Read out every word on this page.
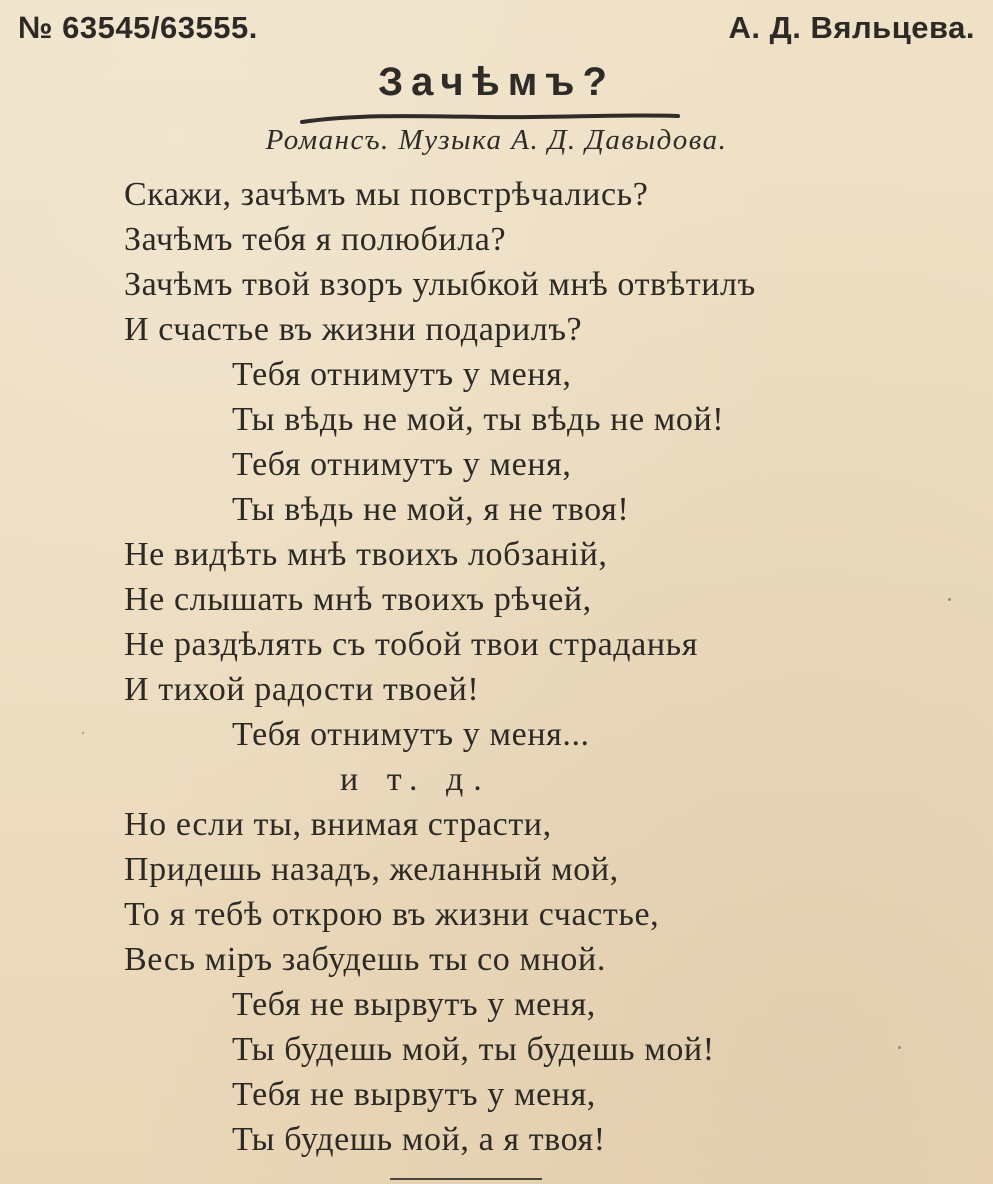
№ 63545/63555.	А. Д. Вяльцева.
Зачѣмъ?
Романсъ. Музыка А. Д. Давыдова.
Скажи, зачѣмъ мы повстрѣчались?
Зачѣмъ тебя я полюбила?
Зачѣмъ твой взоръ улыбкой мнѣ отвѣтилъ
И счастье въ жизни подарилъ?
Тебя отнимутъ у меня,
Ты вѣдь не мой, ты вѣдь не мой!
Тебя отнимутъ у меня,
Ты вѣдь не мой, я не твоя!
Не видѣть мнѣ твоихъ лобзаній,
Не слышать мнѣ твоихъ рѣчей,
Не раздѣлять съ тобой твои страданья
И тихой радости твоей!
Тебя отнимутъ у меня...
и т. д.
Но если ты, внимая страсти,
Придешь назадъ, желанный мой,
То я тебѣ открою въ жизни счастье,
Весь міръ забудешь ты со мной.
Тебя не вырвутъ у меня,
Ты будешь мой, ты будешь мой!
Тебя не вырвутъ у меня,
Ты будешь мой, а я твоя!
